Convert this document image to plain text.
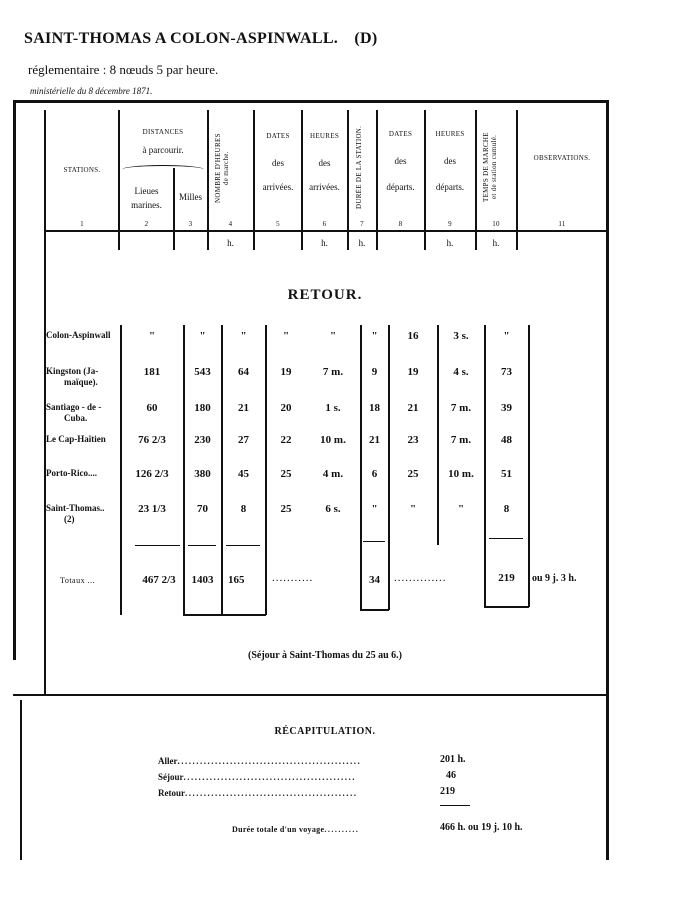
SAINT-THOMAS A COLON-ASPINWALL. (D)
réglementaire : 8 nœuds 5 par heure.
ministérielle du 8 décembre 1871.
STATIONS.
DISTANCES
à parcourir.
Lieues
marines.
Milles	NOMBRE D'HEURES
de marche.
DATES
des
arrivées.
HEURES
des
arrivées.	DURÉE DE LA STATION.	DATES
des
départs.
HEURES
des
départs.	TEMPS DE MARCHE
et de station cumulé.	OBSERVATIONS.
1	2	3	4	5	6	7	8	9	10	11
h.	h.	h.	h.	h.
RETOUR.
Colon-Aspinwall	"	"	"	"	"	"	16	3 s.	"
Kingston (Ja-
maïque).
181	543	64	19	7 m.	9	19	4 s.	73
Santiago - de -
Cuba.
60	180	21	20	1 s.	18	21	7 m.	39
Le Cap-Haïtien	76 2/3	230	27	22	10 m.	21	23	7 m.	48
Porto-Rico....	126 2/3	380	45	25	4 m.	6	25	10 m.	51
Saint-Thomas..
(2)
23 1/3	70	8	25	6 s.	"	"	"	8
Totaux ...	467 2/3	1403	165	...........	34	..............	219	ou 9 j. 3 h.
(Séjour à Saint-Thomas du 25 au 6.)
RÉCAPITULATION.
Aller.................................................	201 h.
Séjour..............................................	46
Retour..............................................	219
Durée totale d'un voyage..........	466 h. ou 19 j. 10 h.
